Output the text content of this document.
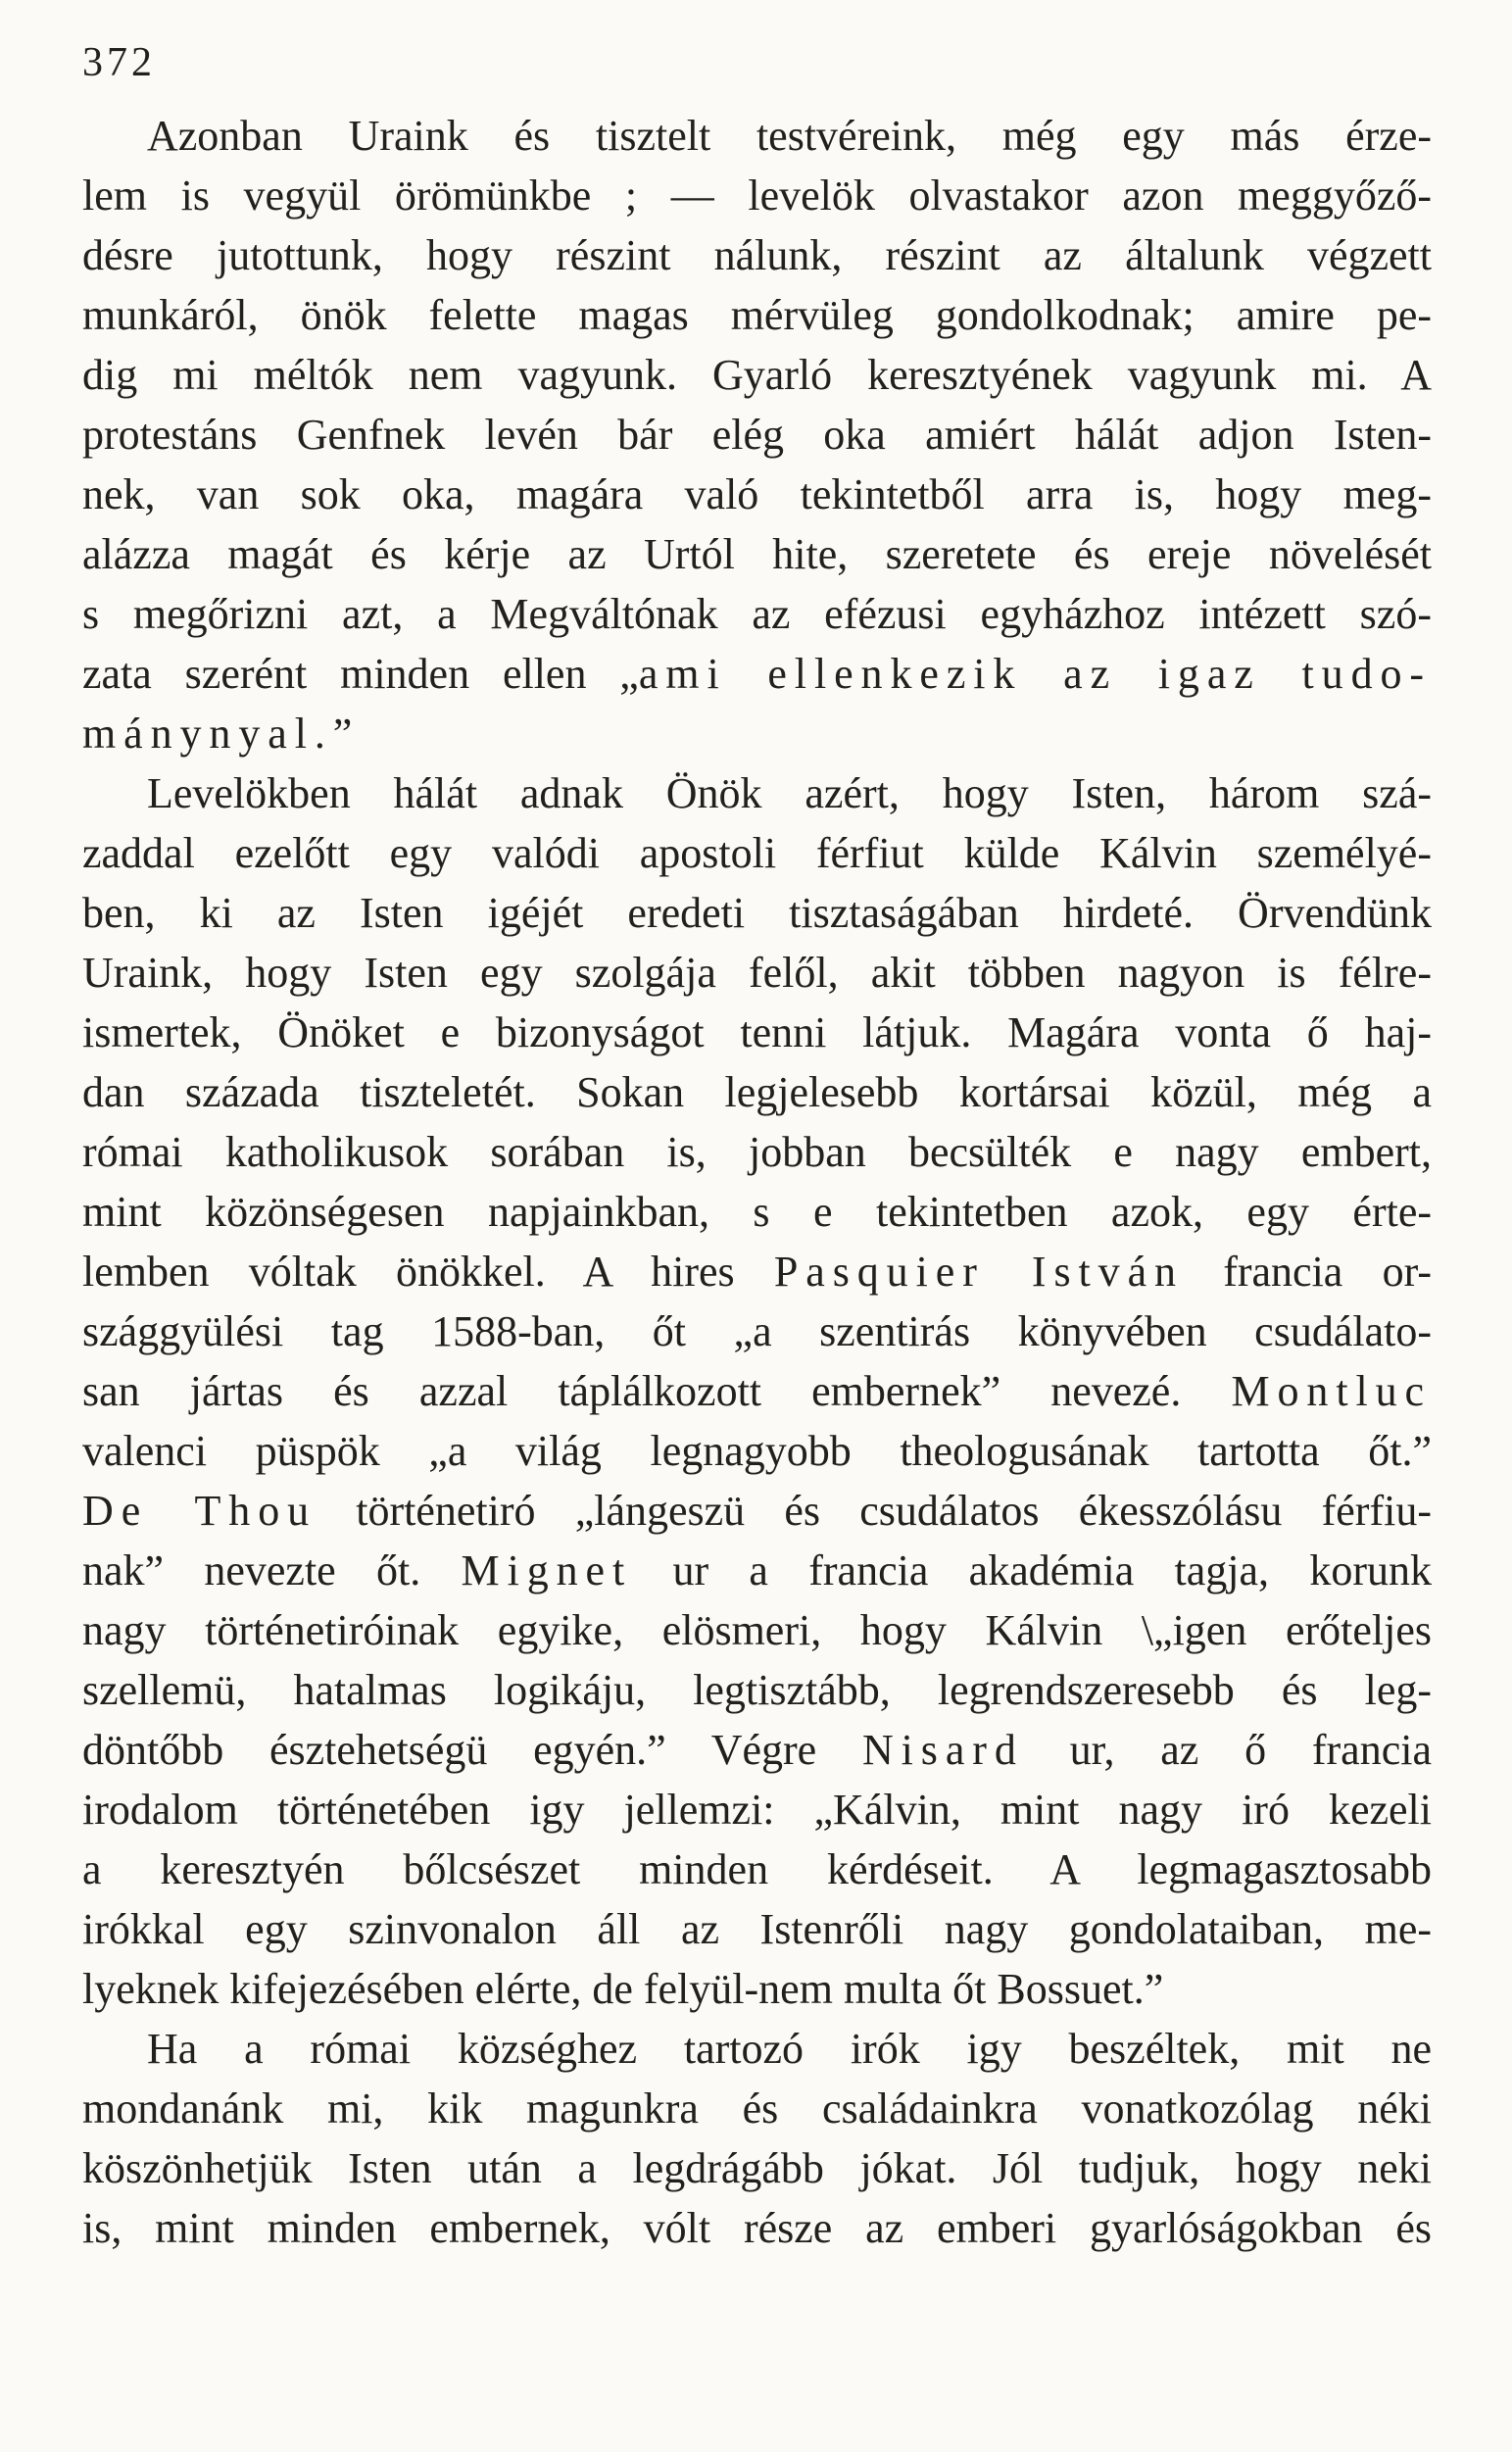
372
Azonban Uraink és tisztelt testvéreink, még egy más érze-
lem is vegyül örömünkbe ; — levelök olvastakor azon meggyőző-
désre jutottunk, hogy részint nálunk, részint az általunk végzett
munkáról, önök felette magas mérvüleg gondolkodnak; amire pe-
dig mi méltók nem vagyunk. Gyarló keresztyének vagyunk mi. A
protestáns Genfnek levén bár elég oka amiért hálát adjon Isten-
nek, van sok oka, magára való tekintetből arra is, hogy meg-
alázza magát és kérje az Urtól hite, szeretete és ereje növelését
s megőrizni azt, a Megváltónak az efézusi egyházhoz intézett szó-
zata szerént minden ellen „ami ellenkezik az igaz tudo-
mánynyal.”
Levelökben hálát adnak Önök azért, hogy Isten, három szá-
zaddal ezelőtt egy valódi apostoli férfiut külde Kálvin személyé-
ben, ki az Isten igéjét eredeti tisztaságában hirdeté. Örvendünk
Uraink, hogy Isten egy szolgája felől, akit többen nagyon is félre-
ismertek, Önöket e bizonyságot tenni látjuk. Magára vonta ő haj-
dan százada tiszteletét. Sokan legjelesebb kortársai közül, még a
római katholikusok sorában is, jobban becsülték e nagy embert,
mint közönségesen napjainkban, s e tekintetben azok, egy érte-
lemben vóltak önökkel. A hires Pasquier István francia or-
szággyülési tag 1588-ban, őt „a szentirás könyvében csudálato-
san jártas és azzal táplálkozott embernek” nevezé. Montluc
valenci püspök „a világ legnagyobb theologusának tartotta őt.”
De Thou történetiró „lángeszü és csudálatos ékesszólásu férfiu-
nak” nevezte őt. Mignet ur a francia akadémia tagja, korunk
nagy történetiróinak egyike, elösmeri, hogy Kálvin \„igen erőteljes
szellemü, hatalmas logikáju, legtisztább, legrendszeresebb és leg-
döntőbb észtehetségü egyén.” Végre Nisard ur, az ő francia
irodalom történetében igy jellemzi: „Kálvin, mint nagy iró kezeli
a keresztyén bőlcsészet minden kérdéseit. A legmagasztosabb
irókkal egy szinvonalon áll az Istenrőli nagy gondolataiban, me-
lyeknek kifejezésében elérte, de felyül-nem multa őt Bossuet.”
Ha a római községhez tartozó irók igy beszéltek, mit ne
mondanánk mi, kik magunkra és családainkra vonatkozólag néki
köszönhetjük Isten után a legdrágább jókat. Jól tudjuk, hogy neki
is, mint minden embernek, vólt része az emberi gyarlóságokban és
